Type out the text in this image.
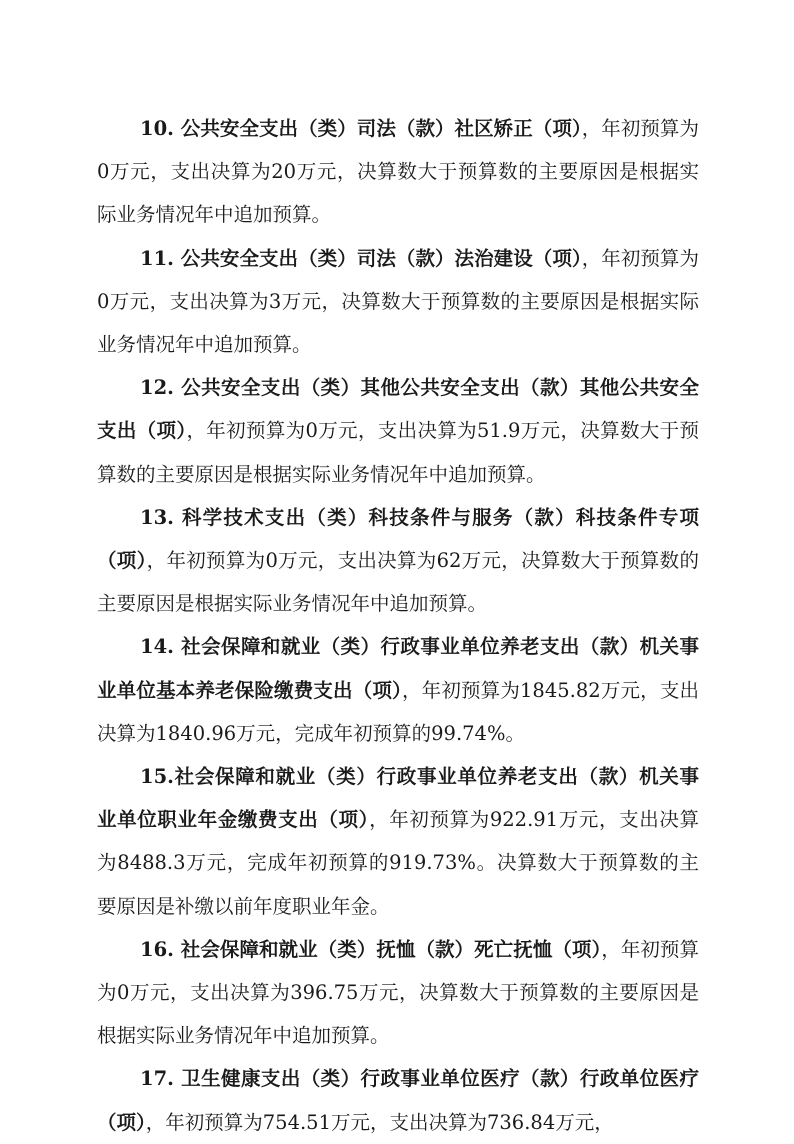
10. 公共安全支出（类）司法（款）社区矫正（项），年初预算为0万元，支出决算为20万元，决算数大于预算数的主要原因是根据实际业务情况年中追加预算。

11. 公共安全支出（类）司法（款）法治建设（项），年初预算为0万元，支出决算为3万元，决算数大于预算数的主要原因是根据实际业务情况年中追加预算。

12. 公共安全支出（类）其他公共安全支出（款）其他公共安全支出（项），年初预算为0万元，支出决算为51.9万元，决算数大于预算数的主要原因是根据实际业务情况年中追加预算。

13. 科学技术支出（类）科技条件与服务（款）科技条件专项（项），年初预算为0万元，支出决算为62万元，决算数大于预算数的主要原因是根据实际业务情况年中追加预算。

14. 社会保障和就业（类）行政事业单位养老支出（款）机关事业单位基本养老保险缴费支出（项），年初预算为1845.82万元，支出决算为1840.96万元，完成年初预算的99.74%。

15.社会保障和就业（类）行政事业单位养老支出（款）机关事业单位职业年金缴费支出（项），年初预算为922.91万元，支出决算为8488.3万元，完成年初预算的919.73%。决算数大于预算数的主要原因是补缴以前年度职业年金。

16. 社会保障和就业（类）抚恤（款）死亡抚恤（项），年初预算为0万元，支出决算为396.75万元，决算数大于预算数的主要原因是根据实际业务情况年中追加预算。

17. 卫生健康支出（类）行政事业单位医疗（款）行政单位医疗（项），年初预算为754.51万元，支出决算为736.84万元，
